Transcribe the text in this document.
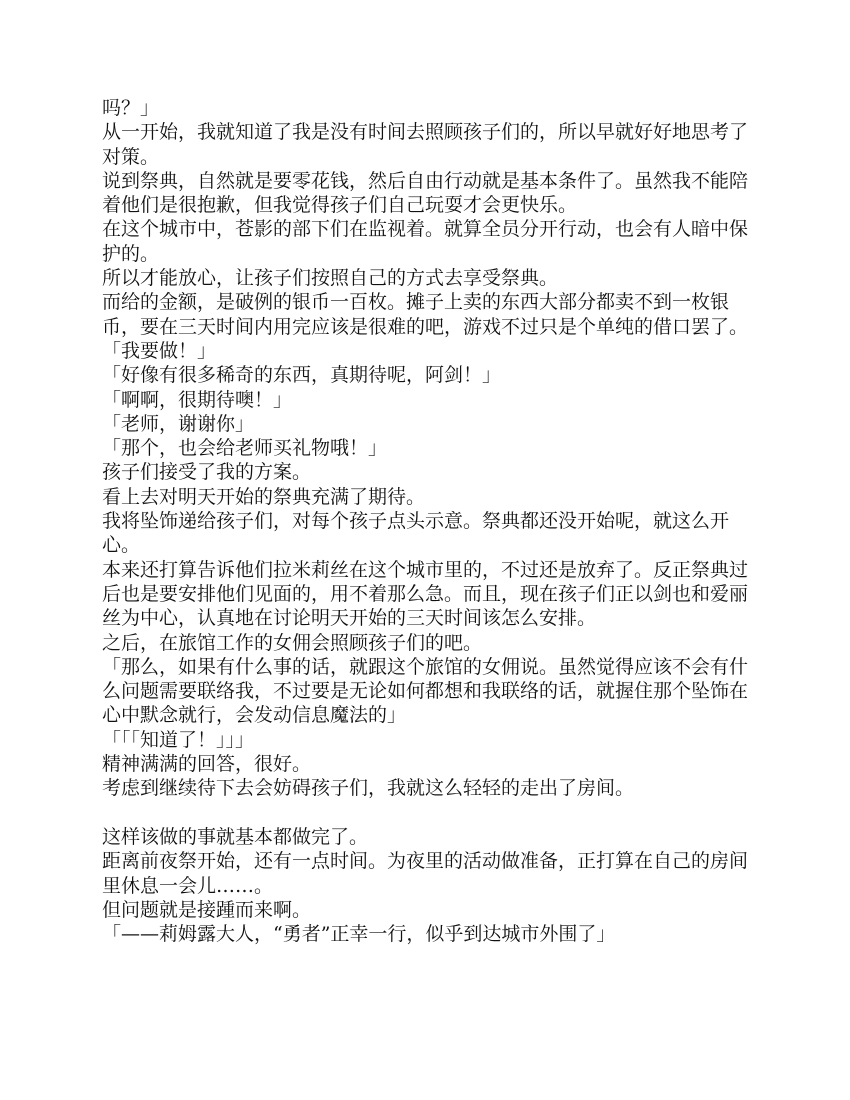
吗？」

从一开始，我就知道了我是没有时间去照顾孩子们的，所以早就好好地思考了对策。

说到祭典，自然就是要零花钱，然后自由行动就是基本条件了。虽然我不能陪着他们是很抱歉，但我觉得孩子们自己玩耍才会更快乐。

在这个城市中，苍影的部下们在监视着。就算全员分开行动，也会有人暗中保护的。

所以才能放心，让孩子们按照自己的方式去享受祭典。

而给的金额，是破例的银币一百枚。摊子上卖的东西大部分都卖不到一枚银币，要在三天时间内用完应该是很难的吧，游戏不过只是个单纯的借口罢了。

「我要做！」

「好像有很多稀奇的东西，真期待呢，阿剑！」

「啊啊，很期待噢！」

「老师，谢谢你」

「那个，也会给老师买礼物哦！」

孩子们接受了我的方案。

看上去对明天开始的祭典充满了期待。

我将坠饰递给孩子们，对每个孩子点头示意。祭典都还没开始呢，就这么开心。

本来还打算告诉他们拉米莉丝在这个城市里的，不过还是放弃了。反正祭典过后也是要安排他们见面的，用不着那么急。而且，现在孩子们正以剑也和爱丽丝为中心，认真地在讨论明天开始的三天时间该怎么安排。

之后，在旅馆工作的女佣会照顾孩子们的吧。

「那么，如果有什么事的话，就跟这个旅馆的女佣说。虽然觉得应该不会有什么问题需要联络我，不过要是无论如何都想和我联络的话，就握住那个坠饰在心中默念就行，会发动信息魔法的」

「「「知道了！」」」

精神满满的回答，很好。

考虑到继续待下去会妨碍孩子们，我就这么轻轻的走出了房间。

这样该做的事就基本都做完了。

距离前夜祭开始，还有一点时间。为夜里的活动做准备，正打算在自己的房间里休息一会儿……。

但问题就是接踵而来啊。

「——莉姆露大人，“勇者”正幸一行，似乎到达城市外围了」
